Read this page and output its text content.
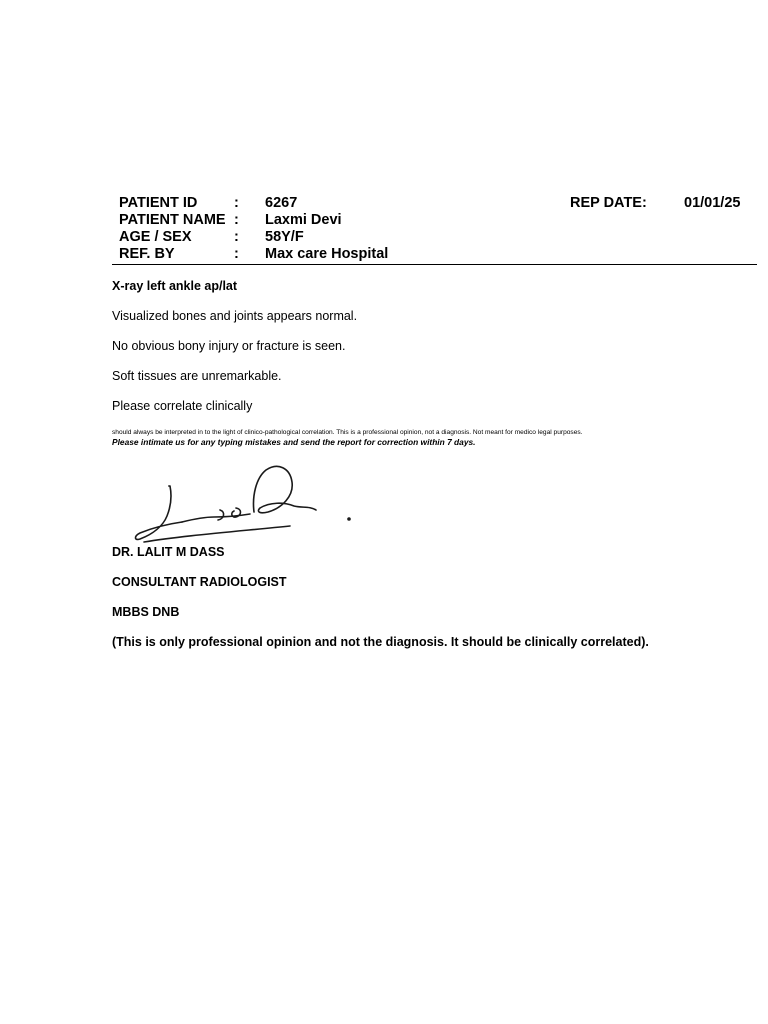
PATIENT ID	: 6267
PATIENT NAME : Laxmi Devi
AGE / SEX	: 58Y/F
REF. BY	: Max care Hospital
REP DATE:	01/01/25
X-ray left ankle ap/lat
Visualized bones and joints appears normal.
No obvious bony injury or fracture is seen.
Soft tissues are unremarkable.
Please correlate clinically
should always be interpreted in to the light of clinico-pathological correlation. This is a professional opinion, not a diagnosis. Not meant for medico legal purposes.
Please intimate us for any typing mistakes and send the report for correction within 7 days.
DR. LALIT M DASS
CONSULTANT RADIOLOGIST
MBBS DNB
(This is only professional opinion and not the diagnosis. It should be clinically correlated).
